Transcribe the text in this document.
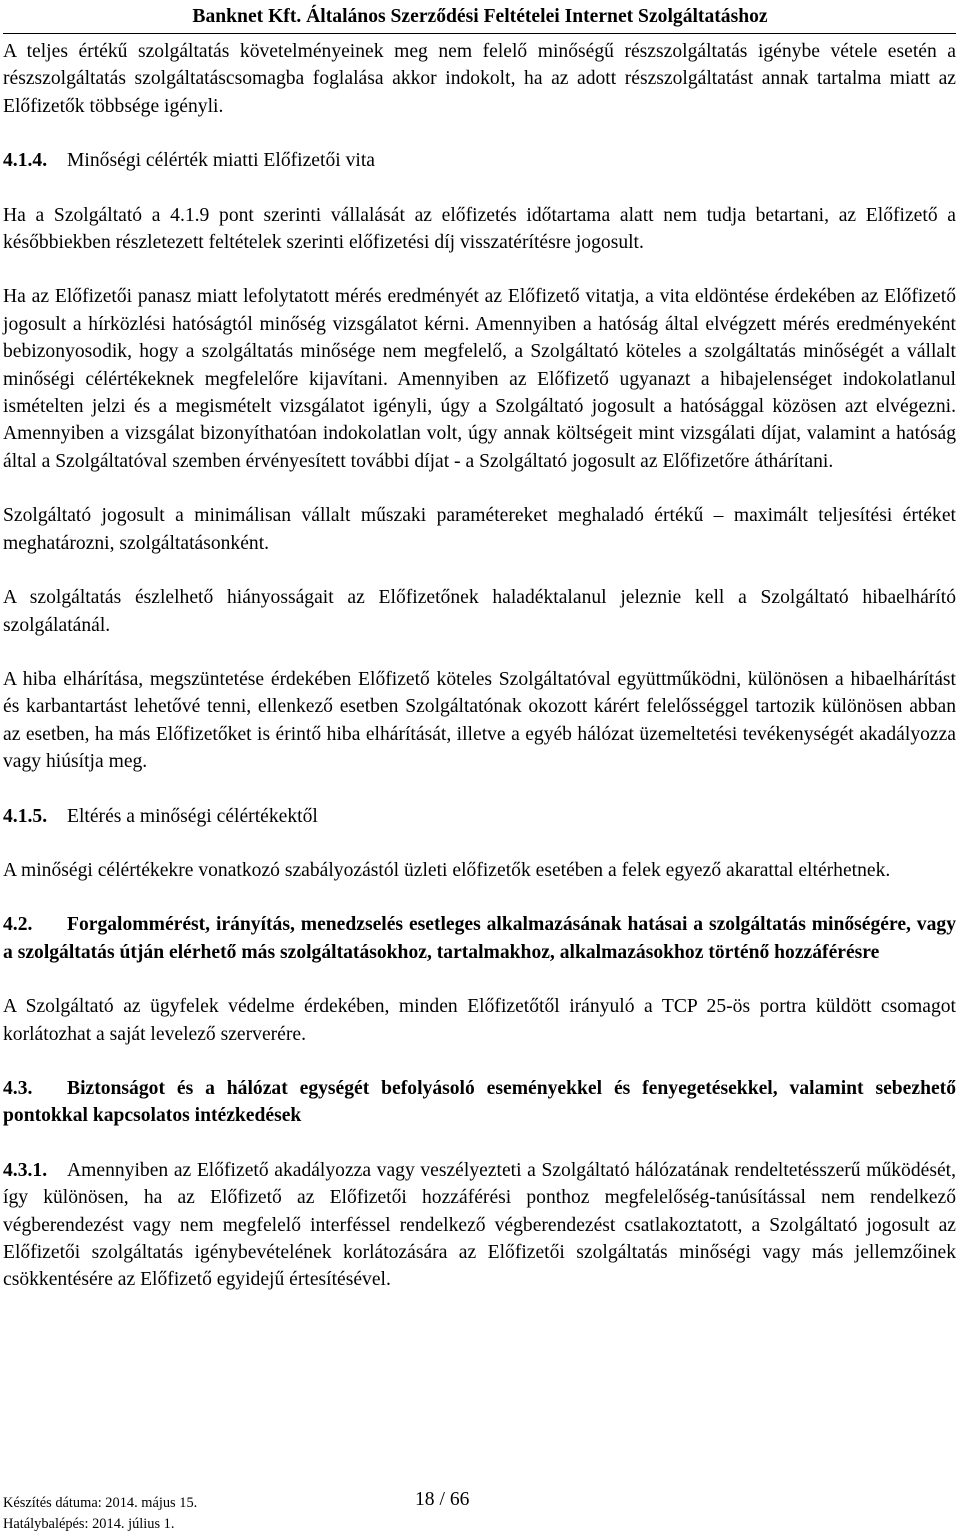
Banknet Kft. Általános Szerződési Feltételei Internet Szolgáltatáshoz

A teljes értékű szolgáltatás követelményeinek meg nem felelő minőségű részszolgáltatás igénybe vétele esetén a részszolgáltatás szolgáltatáscsomagba foglalása akkor indokolt, ha az adott részszolgáltatást annak tartalma miatt az Előfizetők többsége igényli.

4.1.4. Minőségi célérték miatti Előfizetői vita

Ha a Szolgáltató a 4.1.9 pont szerinti vállalását az előfizetés időtartama alatt nem tudja betartani, az Előfizető a későbbiekben részletezett feltételek szerinti előfizetési díj visszatérítésre jogosult.

Ha az Előfizetői panasz miatt lefolytatott mérés eredményét az Előfizető vitatja, a vita eldöntése érdekében az Előfizető jogosult a hírközlési hatóságtól minőség vizsgálatot kérni. Amennyiben a hatóság által elvégzett mérés eredményeként bebizonyosodik, hogy a szolgáltatás minősége nem megfelelő, a Szolgáltató köteles a szolgáltatás minőségét a vállalt minőségi célértékeknek megfelelőre kijavítani. Amennyiben az Előfizető ugyanazt a hibajelenséget indokolatlanul ismételten jelzi és a megismételt vizsgálatot igényli, úgy a Szolgáltató jogosult a hatósággal közösen azt elvégezni. Amennyiben a vizsgálat bizonyíthatóan indokolatlan volt, úgy annak költségeit mint vizsgálati díjat, valamint a hatóság által a Szolgáltatóval szemben érvényesített további díjat - a Szolgáltató jogosult az Előfizetőre áthárítani.

Szolgáltató jogosult a minimálisan vállalt műszaki paramétereket meghaladó értékű – maximált teljesítési értéket meghatározni, szolgáltatásonként.

A szolgáltatás észlelhető hiányosságait az Előfizetőnek haladéktalanul jeleznie kell a Szolgáltató hibaelhárító szolgálatánál.

A hiba elhárítása, megszüntetése érdekében Előfizető köteles Szolgáltatóval együttműködni, különösen a hibaelhárítást és karbantartást lehetővé tenni, ellenkező esetben Szolgáltatónak okozott kárért felelősséggel tartozik különösen abban az esetben, ha más Előfizetőket is érintő hiba elhárítását, illetve a egyéb hálózat üzemeltetési tevékenységét akadályozza vagy hiúsítja meg.

4.1.5. Eltérés a minőségi célértékektől

A minőségi célértékekre vonatkozó szabályozástól üzleti előfizetők esetében a felek egyező akarattal eltérhetnek.

4.2. Forgalommérést, irányítás, menedzselés esetleges alkalmazásának hatásai a szolgáltatás minőségére, vagy a szolgáltatás útján elérhető más szolgáltatásokhoz, tartalmakhoz, alkalmazásokhoz történő hozzáférésre

A Szolgáltató az ügyfelek védelme érdekében, minden Előfizetőtől irányuló a TCP 25-ös portra küldött csomagot korlátozhat a saját levelező szerverére.

4.3. Biztonságot és a hálózat egységét befolyásoló eseményekkel és fenyegetésekkel, valamint sebezhető pontokkal kapcsolatos intézkedések

4.3.1. Amennyiben az Előfizető akadályozza vagy veszélyezteti a Szolgáltató hálózatának rendeltetésszerű működését, így különösen, ha az Előfizető az Előfizetői hozzáférési ponthoz megfelelőség-tanúsítással nem rendelkező végberendezést vagy nem megfelelő interféssel rendelkező végberendezést csatlakoztatott, a Szolgáltató jogosult az Előfizetői szolgáltatás igénybevételének korlátozására az Előfizetői szolgáltatás minőségi vagy más jellemzőinek csökkentésére az Előfizető egyidejű értesítésével.

Készítés dátuma: 2014. május 15.
Hatálybalépés: 2014. július 1.
18 / 66
